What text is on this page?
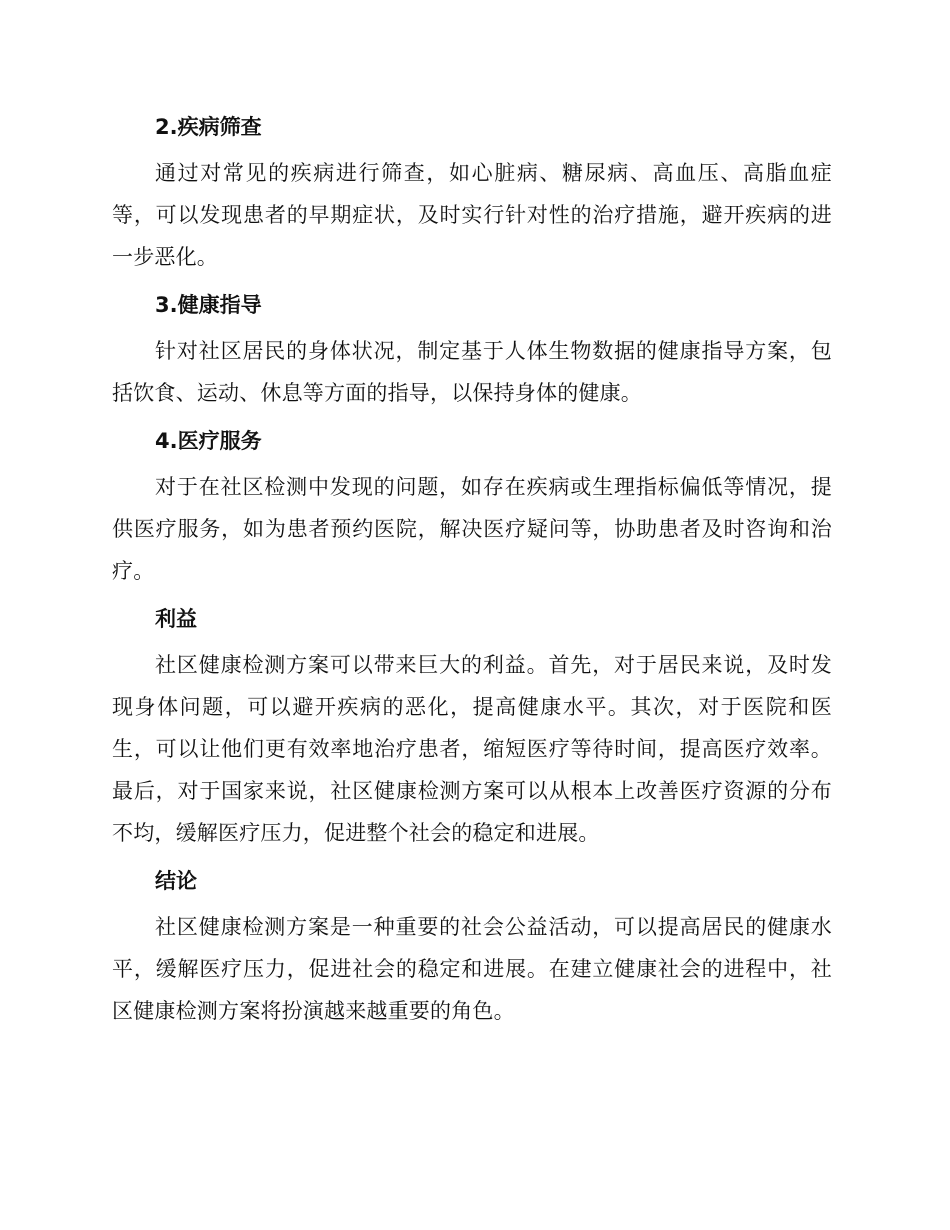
2.疾病筛查

通过对常见的疾病进行筛查，如心脏病、糖尿病、高血压、高脂血症等，可以发现患者的早期症状，及时实行针对性的治疗措施，避开疾病的进一步恶化。

3.健康指导

针对社区居民的身体状况，制定基于人体生物数据的健康指导方案，包括饮食、运动、休息等方面的指导，以保持身体的健康。

4.医疗服务

对于在社区检测中发现的问题，如存在疾病或生理指标偏低等情况，提供医疗服务，如为患者预约医院，解决医疗疑问等，协助患者及时咨询和治疗。

利益

社区健康检测方案可以带来巨大的利益。首先，对于居民来说，及时发现身体问题，可以避开疾病的恶化，提高健康水平。其次，对于医院和医生，可以让他们更有效率地治疗患者，缩短医疗等待时间，提高医疗效率。最后，对于国家来说，社区健康检测方案可以从根本上改善医疗资源的分布不均，缓解医疗压力，促进整个社会的稳定和进展。

结论

社区健康检测方案是一种重要的社会公益活动，可以提高居民的健康水平，缓解医疗压力，促进社会的稳定和进展。在建立健康社会的进程中，社区健康检测方案将扮演越来越重要的角色。
